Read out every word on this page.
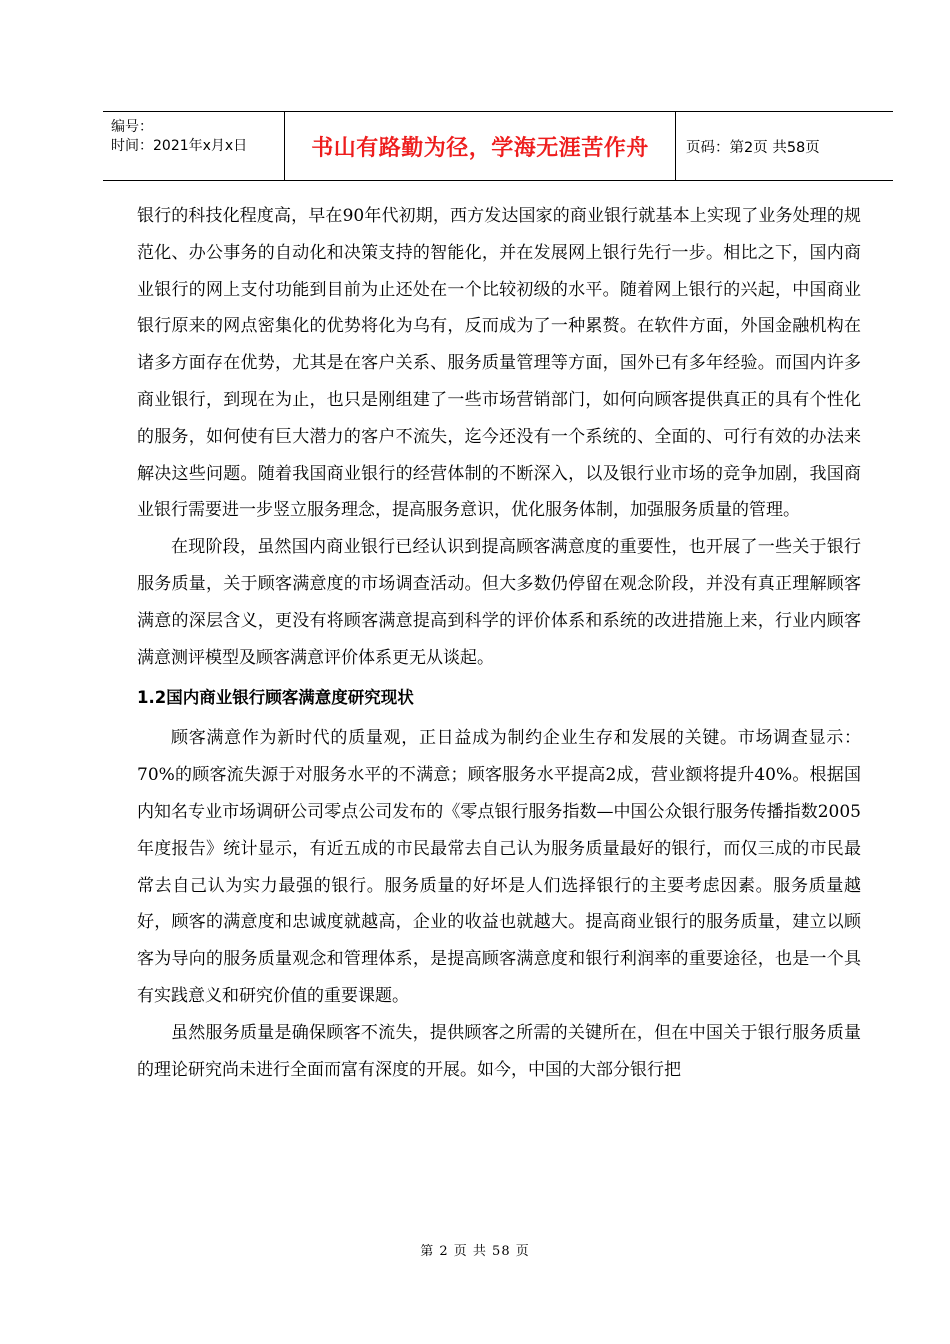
编号：
时间：2021年x月x日	书山有路勤为径，学海无涯苦作舟	页码：第2页 共58页

银行的科技化程度高，早在90年代初期，西方发达国家的商业银行就基本上实现了业务处理的规范化、办公事务的自动化和决策支持的智能化，并在发展网上银行先行一步。相比之下，国内商业银行的网上支付功能到目前为止还处在一个比较初级的水平。随着网上银行的兴起，中国商业银行原来的网点密集化的优势将化为乌有，反而成为了一种累赘。在软件方面，外国金融机构在诸多方面存在优势，尤其是在客户关系、服务质量管理等方面，国外已有多年经验。而国内许多商业银行，到现在为止，也只是刚组建了一些市场营销部门，如何向顾客提供真正的具有个性化的服务，如何使有巨大潜力的客户不流失，迄今还没有一个系统的、全面的、可行有效的办法来解决这些问题。随着我国商业银行的经营体制的不断深入，以及银行业市场的竞争加剧，我国商业银行需要进一步竖立服务理念，提高服务意识，优化服务体制，加强服务质量的管理。

在现阶段，虽然国内商业银行已经认识到提高顾客满意度的重要性，也开展了一些关于银行服务质量，关于顾客满意度的市场调查活动。但大多数仍停留在观念阶段，并没有真正理解顾客满意的深层含义，更没有将顾客满意提高到科学的评价体系和系统的改进措施上来，行业内顾客满意测评模型及顾客满意评价体系更无从谈起。

1.2国内商业银行顾客满意度研究现状

顾客满意作为新时代的质量观，正日益成为制约企业生存和发展的关键。市场调查显示：70%的顾客流失源于对服务水平的不满意；顾客服务水平提高2成，营业额将提升40%。根据国内知名专业市场调研公司零点公司发布的《零点银行服务指数—中国公众银行服务传播指数2005年度报告》统计显示，有近五成的市民最常去自己认为服务质量最好的银行，而仅三成的市民最常去自己认为实力最强的银行。服务质量的好坏是人们选择银行的主要考虑因素。服务质量越好，顾客的满意度和忠诚度就越高，企业的收益也就越大。提高商业银行的服务质量，建立以顾客为导向的服务质量观念和管理体系，是提高顾客满意度和银行利润率的重要途径，也是一个具有实践意义和研究价值的重要课题。

虽然服务质量是确保顾客不流失，提供顾客之所需的关键所在，但在中国关于银行服务质量的理论研究尚未进行全面而富有深度的开展。如今，中国的大部分银行把

第 2 页 共 58 页
